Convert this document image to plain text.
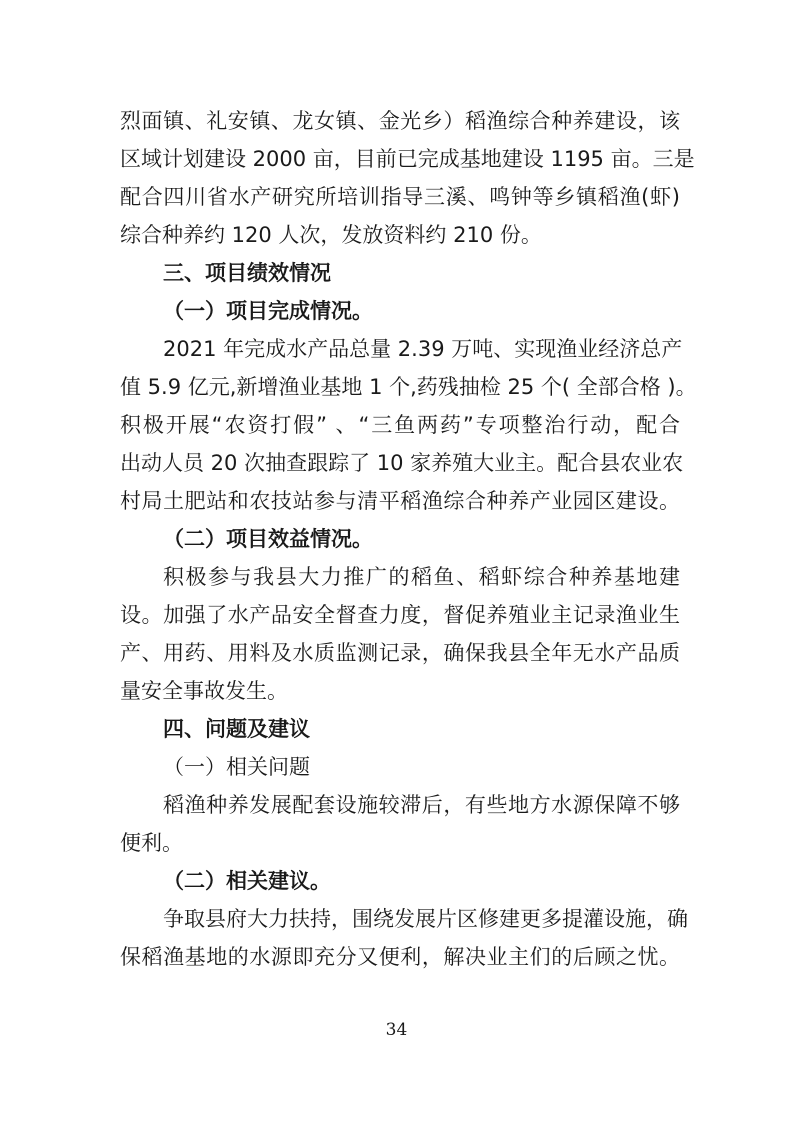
烈面镇、礼安镇、龙女镇、金光乡）稻渔综合种养建设，该
区域计划建设 2000 亩，目前已完成基地建设 1195 亩。三是
配合四川省水产研究所培训指导三溪、鸣钟等乡镇稻渔(虾)
综合种养约 120 人次，发放资料约 210 份。
三、项目绩效情况
（一）项目完成情况。
2021 年完成水产品总量 2.39 万吨、实现渔业经济总产
值 5.9 亿元,新增渔业基地 1 个,药残抽检 25 个( 全部合格 )。
积极开展“农资打假” 、“三鱼两药”专项整治行动，配合
出动人员 20 次抽查跟踪了 10 家养殖大业主。配合县农业农
村局土肥站和农技站参与清平稻渔综合种养产业园区建设。
（二）项目效益情况。
积极参与我县大力推广的稻鱼、稻虾综合种养基地建
设。加强了水产品安全督查力度，督促养殖业主记录渔业生
产、用药、用料及水质监测记录，确保我县全年无水产品质
量安全事故发生。
四、问题及建议
（一）相关问题
稻渔种养发展配套设施较滞后，有些地方水源保障不够
便利。
（二）相关建议。
争取县府大力扶持，围绕发展片区修建更多提灌设施，确
保稻渔基地的水源即充分又便利，解决业主们的后顾之忧。
34
